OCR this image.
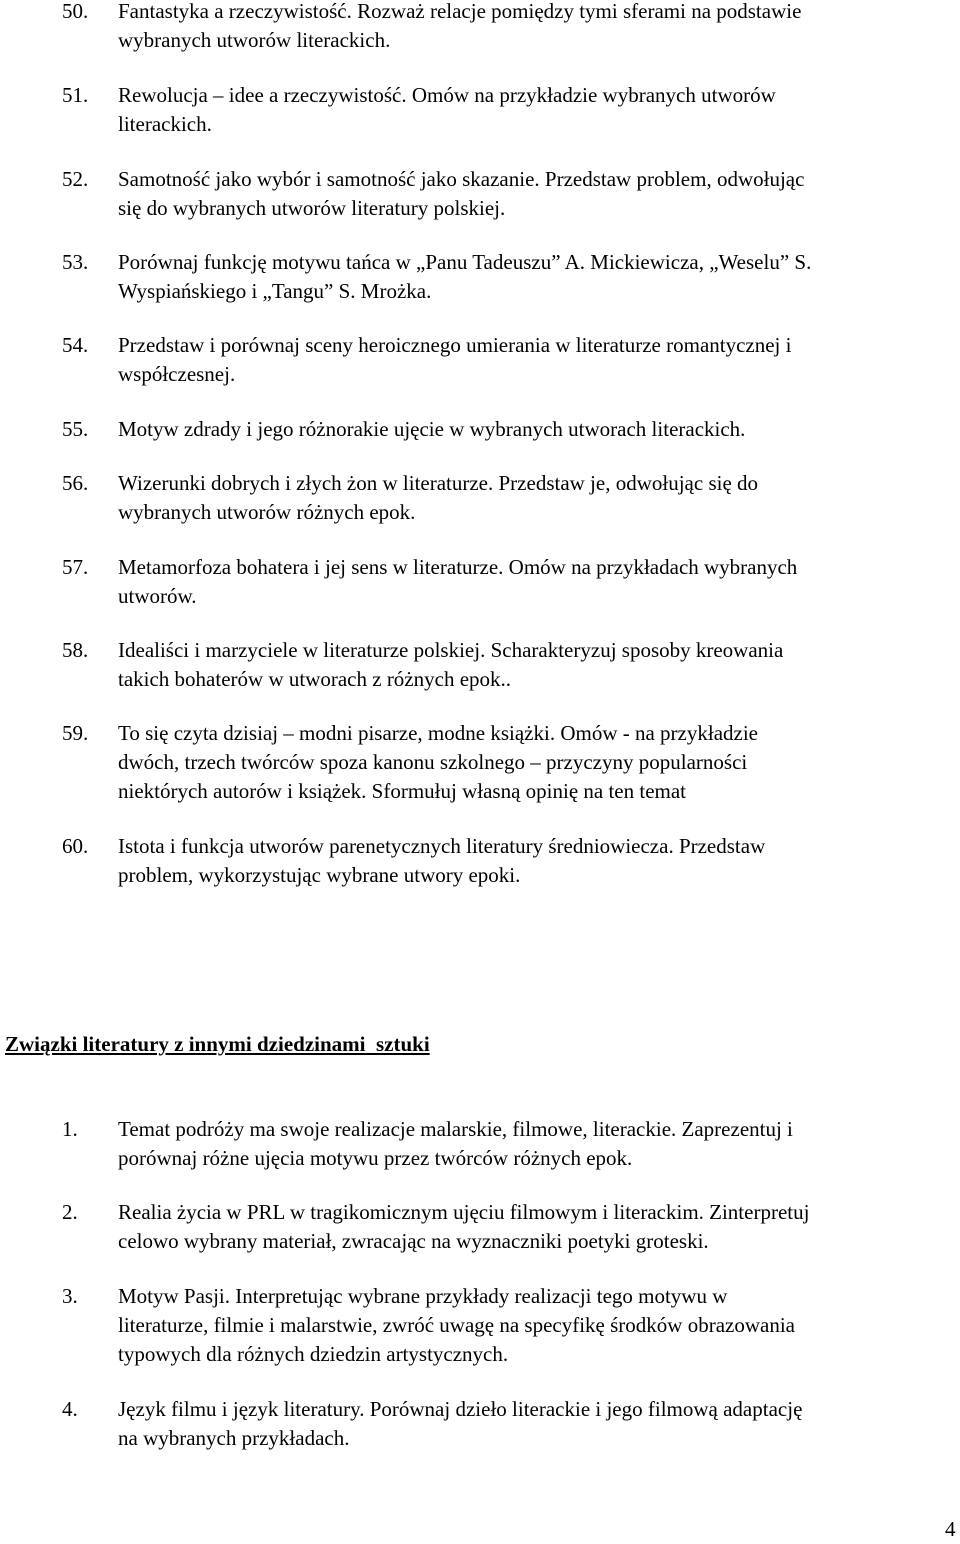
50.	Fantastyka a rzeczywistość. Rozważ relacje pomiędzy tymi sferami na podstawie
wybranych utworów literackich.
51.	Rewolucja – idee a rzeczywistość. Omów na przykładzie wybranych utworów
literackich.
52.	Samotność jako wybór i samotność jako skazanie. Przedstaw problem, odwołując
się do wybranych utworów literatury polskiej.
53.	Porównaj funkcję motywu tańca w „Panu Tadeuszu” A. Mickiewicza, „Weselu” S.
Wyspiańskiego i „Tangu” S. Mrożka.
54.	Przedstaw i porównaj sceny heroicznego umierania w literaturze romantycznej i
współczesnej.
55.	Motyw zdrady i jego różnorakie ujęcie w wybranych utworach literackich.
56.	Wizerunki dobrych i złych żon w literaturze. Przedstaw je, odwołując się do
wybranych utworów różnych epok.
57.	Metamorfoza bohatera i jej sens w literaturze. Omów na przykładach wybranych
utworów.
58.	Idealiści i marzyciele w literaturze polskiej. Scharakteryzuj sposoby kreowania
takich bohaterów w utworach z różnych epok..
59.	To się czyta dzisiaj – modni pisarze, modne książki. Omów - na przykładzie
dwóch, trzech twórców spoza kanonu szkolnego – przyczyny popularności
niektórych autorów i książek. Sformułuj własną opinię na ten temat
60.	Istota i funkcja utworów parenetycznych literatury średniowiecza. Przedstaw
problem, wykorzystując wybrane utwory epoki.
Związki literatury z innymi dziedzinami  sztuki
1.	Temat podróży ma swoje realizacje malarskie, filmowe, literackie. Zaprezentuj i
porównaj różne ujęcia motywu przez twórców różnych epok.
2.	Realia życia w PRL w tragikomicznym ujęciu filmowym i literackim. Zinterpretuj
celowo wybrany materiał, zwracając na wyznaczniki poetyki groteski.
3.	Motyw Pasji. Interpretując wybrane przykłady realizacji tego motywu w
literaturze, filmie i malarstwie, zwróć uwagę na specyfikę środków obrazowania
typowych dla różnych dziedzin artystycznych.
4.	Język filmu i język literatury. Porównaj dzieło literackie i jego filmową adaptację
na wybranych przykładach.
4
